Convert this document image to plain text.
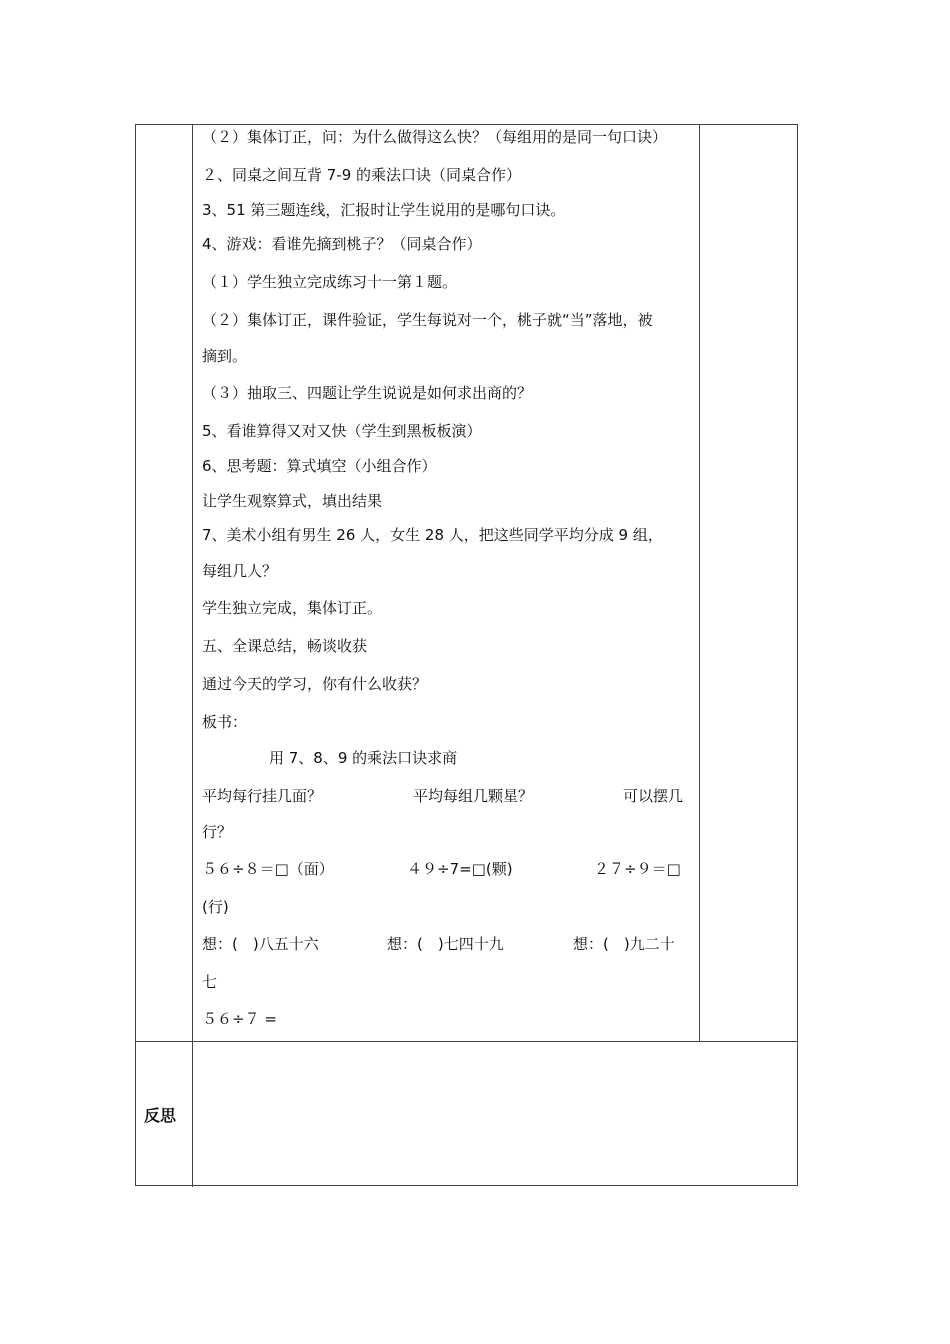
（２）集体订正，问：为什么做得这么快？（每组用的是同一句口诀）
２、同桌之间互背 7-9 的乘法口诀（同桌合作）
3、51 第三题连线，汇报时让学生说用的是哪句口诀。
4、游戏：看谁先摘到桃子？（同桌合作）
（１）学生独立完成练习十一第１题。
（２）集体订正，课件验证，学生每说对一个，桃子就“当”落地，被
摘到。
（３）抽取三、四题让学生说说是如何求出商的？
5、看谁算得又对又快（学生到黑板板演）
6、思考题：算式填空（小组合作）
让学生观察算式，填出结果
7、美术小组有男生 26 人，女生 28 人，把这些同学平均分成 9 组，
每组几人？
学生独立完成，集体订正。
五、全课总结，畅谈收获
通过今天的学习，你有什么收获？
板书：
用 7、8、9 的乘法口诀求商
平均每行挂几面？	平均每组几颗星？	可以摆几
行？
５６÷８＝□（面）	４９÷7=□(颗)	２７÷９＝□
(行)
想：(　)八五十六	想：(　)七四十九	想：(　)九二十
七
５６÷７ =
反思
